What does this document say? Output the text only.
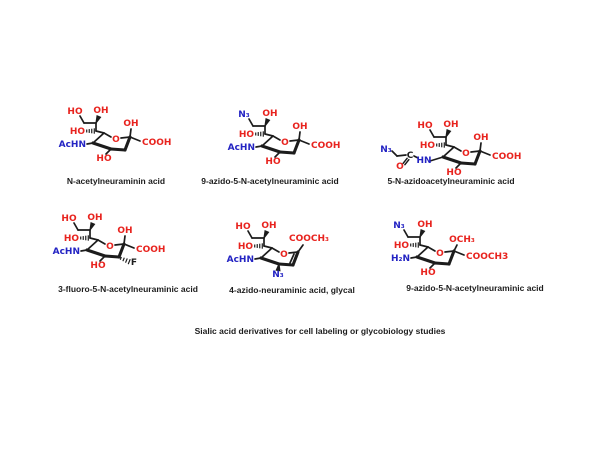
HO OH
HO
AcHN	O
OH
COOH
HO
N-acetylneuraminin acid
N₃ OH
HO
AcHN	O
OH
COOH
HO
9-azido-5-N-acetylneuraminic acid
HO OH
HO
N₃
C
O
HN
O
OH
COOH
HO
5-N-azidoacetylneuraminic acid
HO OH
HO
AcHN	O
OH
COOH
HO	F
3-fluoro-5-N-acetylneuraminic acid
HO OH
HO
AcHN	O
COOCH₃
N₃
4-azido-neuraminic acid, glycal
N₃ OH
HO
H₂N	O
OCH₃
COOCH3
HO
9-azido-5-N-acetylneuraminic acid
Sialic acid derivatives for cell labeling or glycobiology studies
